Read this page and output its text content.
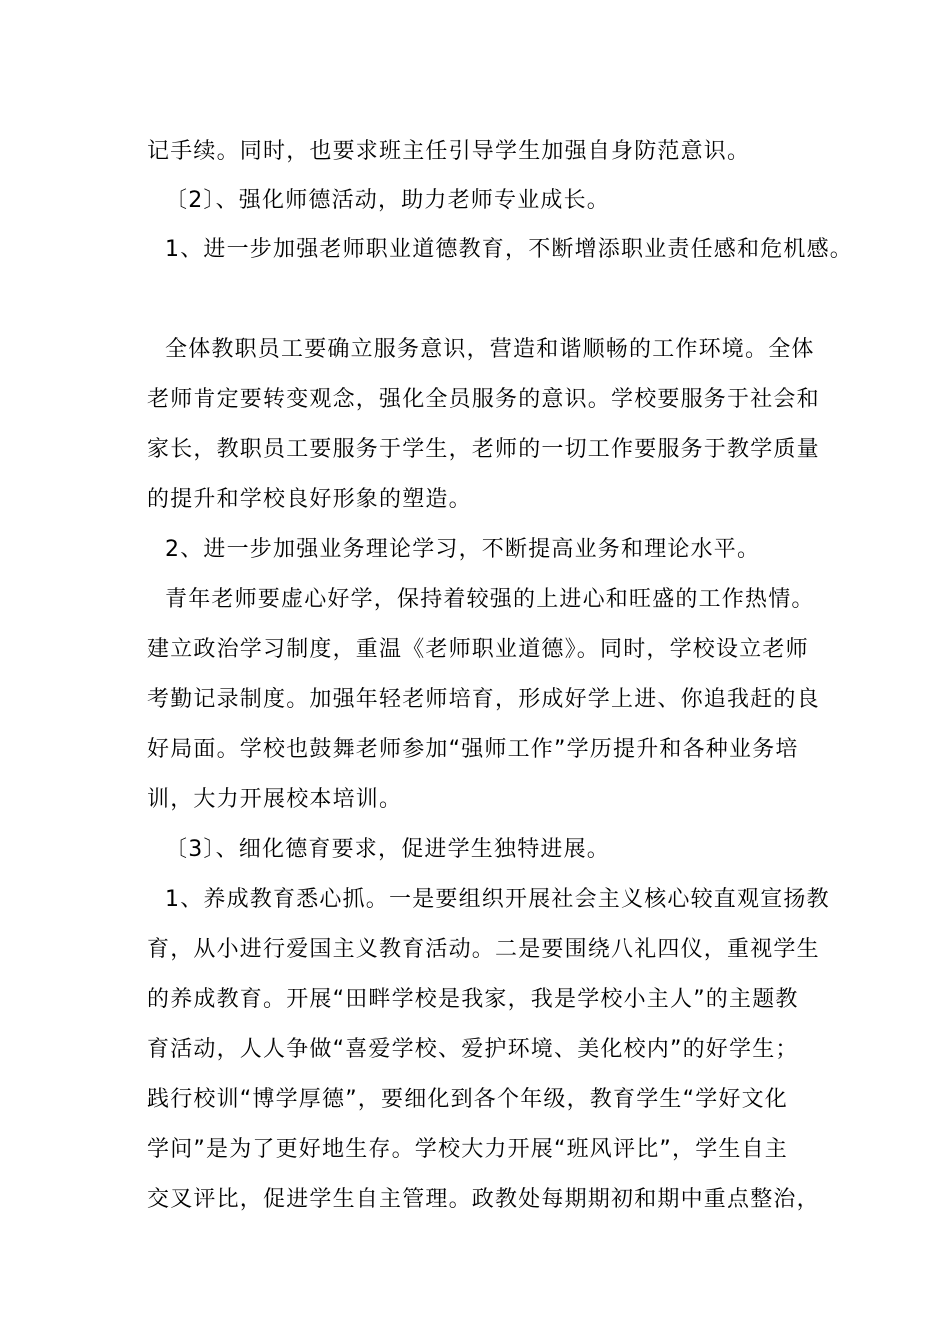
记手续。同时，也要求班主任引导学生加强自身防范意识。
〔2〕、强化师德活动，助力老师专业成长。
1、进一步加强老师职业道德教育，不断增添职业责任感和危机感。
全体教职员工要确立服务意识，营造和谐顺畅的工作环境。全体
老师肯定要转变观念，强化全员服务的意识。学校要服务于社会和
家长，教职员工要服务于学生，老师的一切工作要服务于教学质量
的提升和学校良好形象的塑造。
2、进一步加强业务理论学习，不断提高业务和理论水平。
青年老师要虚心好学，保持着较强的上进心和旺盛的工作热情。
建立政治学习制度，重温《老师职业道德》。同时，学校设立老师
考勤记录制度。加强年轻老师培育，形成好学上进、你追我赶的良
好局面。学校也鼓舞老师参加“强师工作”学历提升和各种业务培
训，大力开展校本培训。
〔3〕、细化德育要求，促进学生独特进展。
1、养成教育悉心抓。一是要组织开展社会主义核心较直观宣扬教
育，从小进行爱国主义教育活动。二是要围绕八礼四仪，重视学生
的养成教育。开展“田畔学校是我家，我是学校小主人”的主题教
育活动，人人争做“喜爱学校、爱护环境、美化校内”的好学生；
践行校训“博学厚德”，要细化到各个年级，教育学生“学好文化
学问”是为了更好地生存。学校大力开展“班风评比”，学生自主
交叉评比，促进学生自主管理。政教处每期期初和期中重点整治，
